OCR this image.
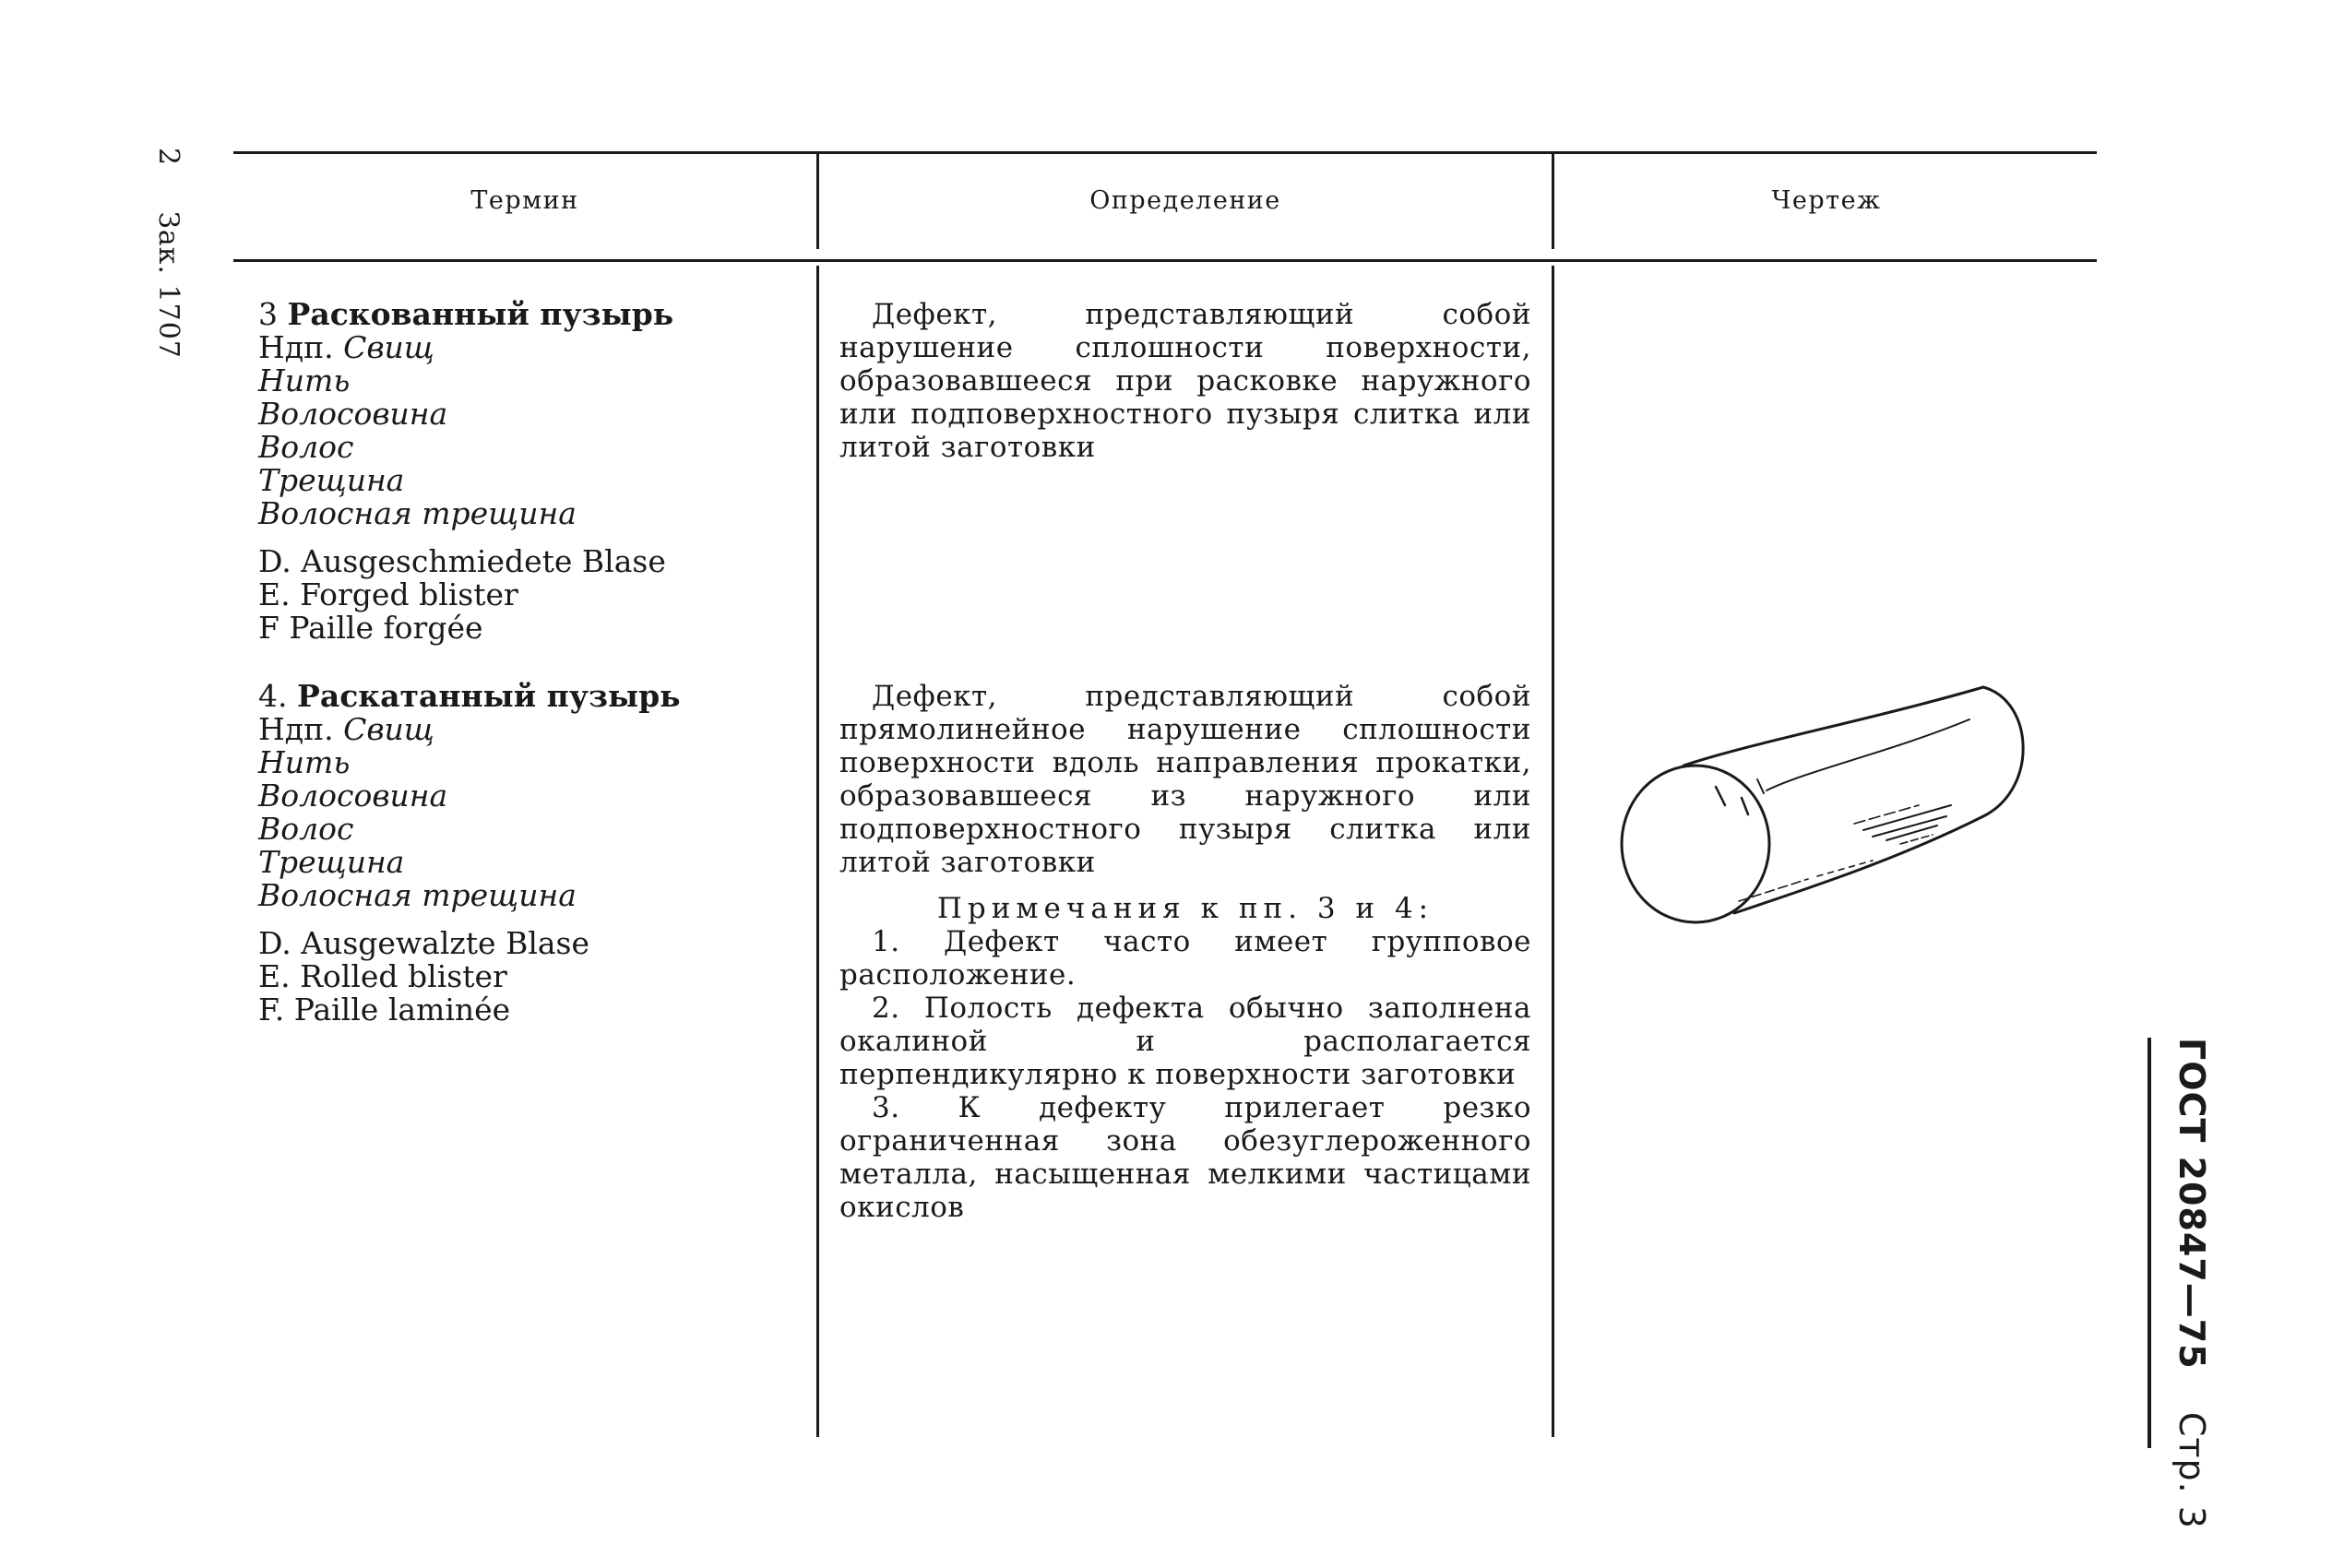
2  Зак. 1707
ГОСТ 20847—75  Стр. 3
Термин	Определение	Чертеж
3 Раскованный пузырь
Ндп. Свищ
Нить
Волосовина
Волос
Трещина
Волосная трещина
D. Ausgeschmiedete Blase
E. Forged blister
F Paille forgée

Дефект, представляющий собой нарушение сплошности поверхности, образовавшееся при расковке наружного или подповерхностного пузыря слитка или литой заготовки

4. Раскатанный пузырь
Ндп. Свищ
Нить
Волосовина
Волос
Трещина
Волосная трещина
D. Ausgewalzte Blase
E. Rolled blister
F. Paille laminée

Дефект, представляющий собой прямолинейное нарушение сплошности поверхности вдоль направления прокатки, образовавшееся из наружного или подповерхностного пузыря слитка или литой заготовки

Примечания к пп. 3 и 4:

1. Дефект часто имеет групповое расположение.

2. Полость дефекта обычно заполнена окалиной и располагается перпендикулярно к поверхности заготовки

3. К дефекту прилегает резко ограниченная зона обезуглероженного металла, насыщенная мелкими частицами окислов
